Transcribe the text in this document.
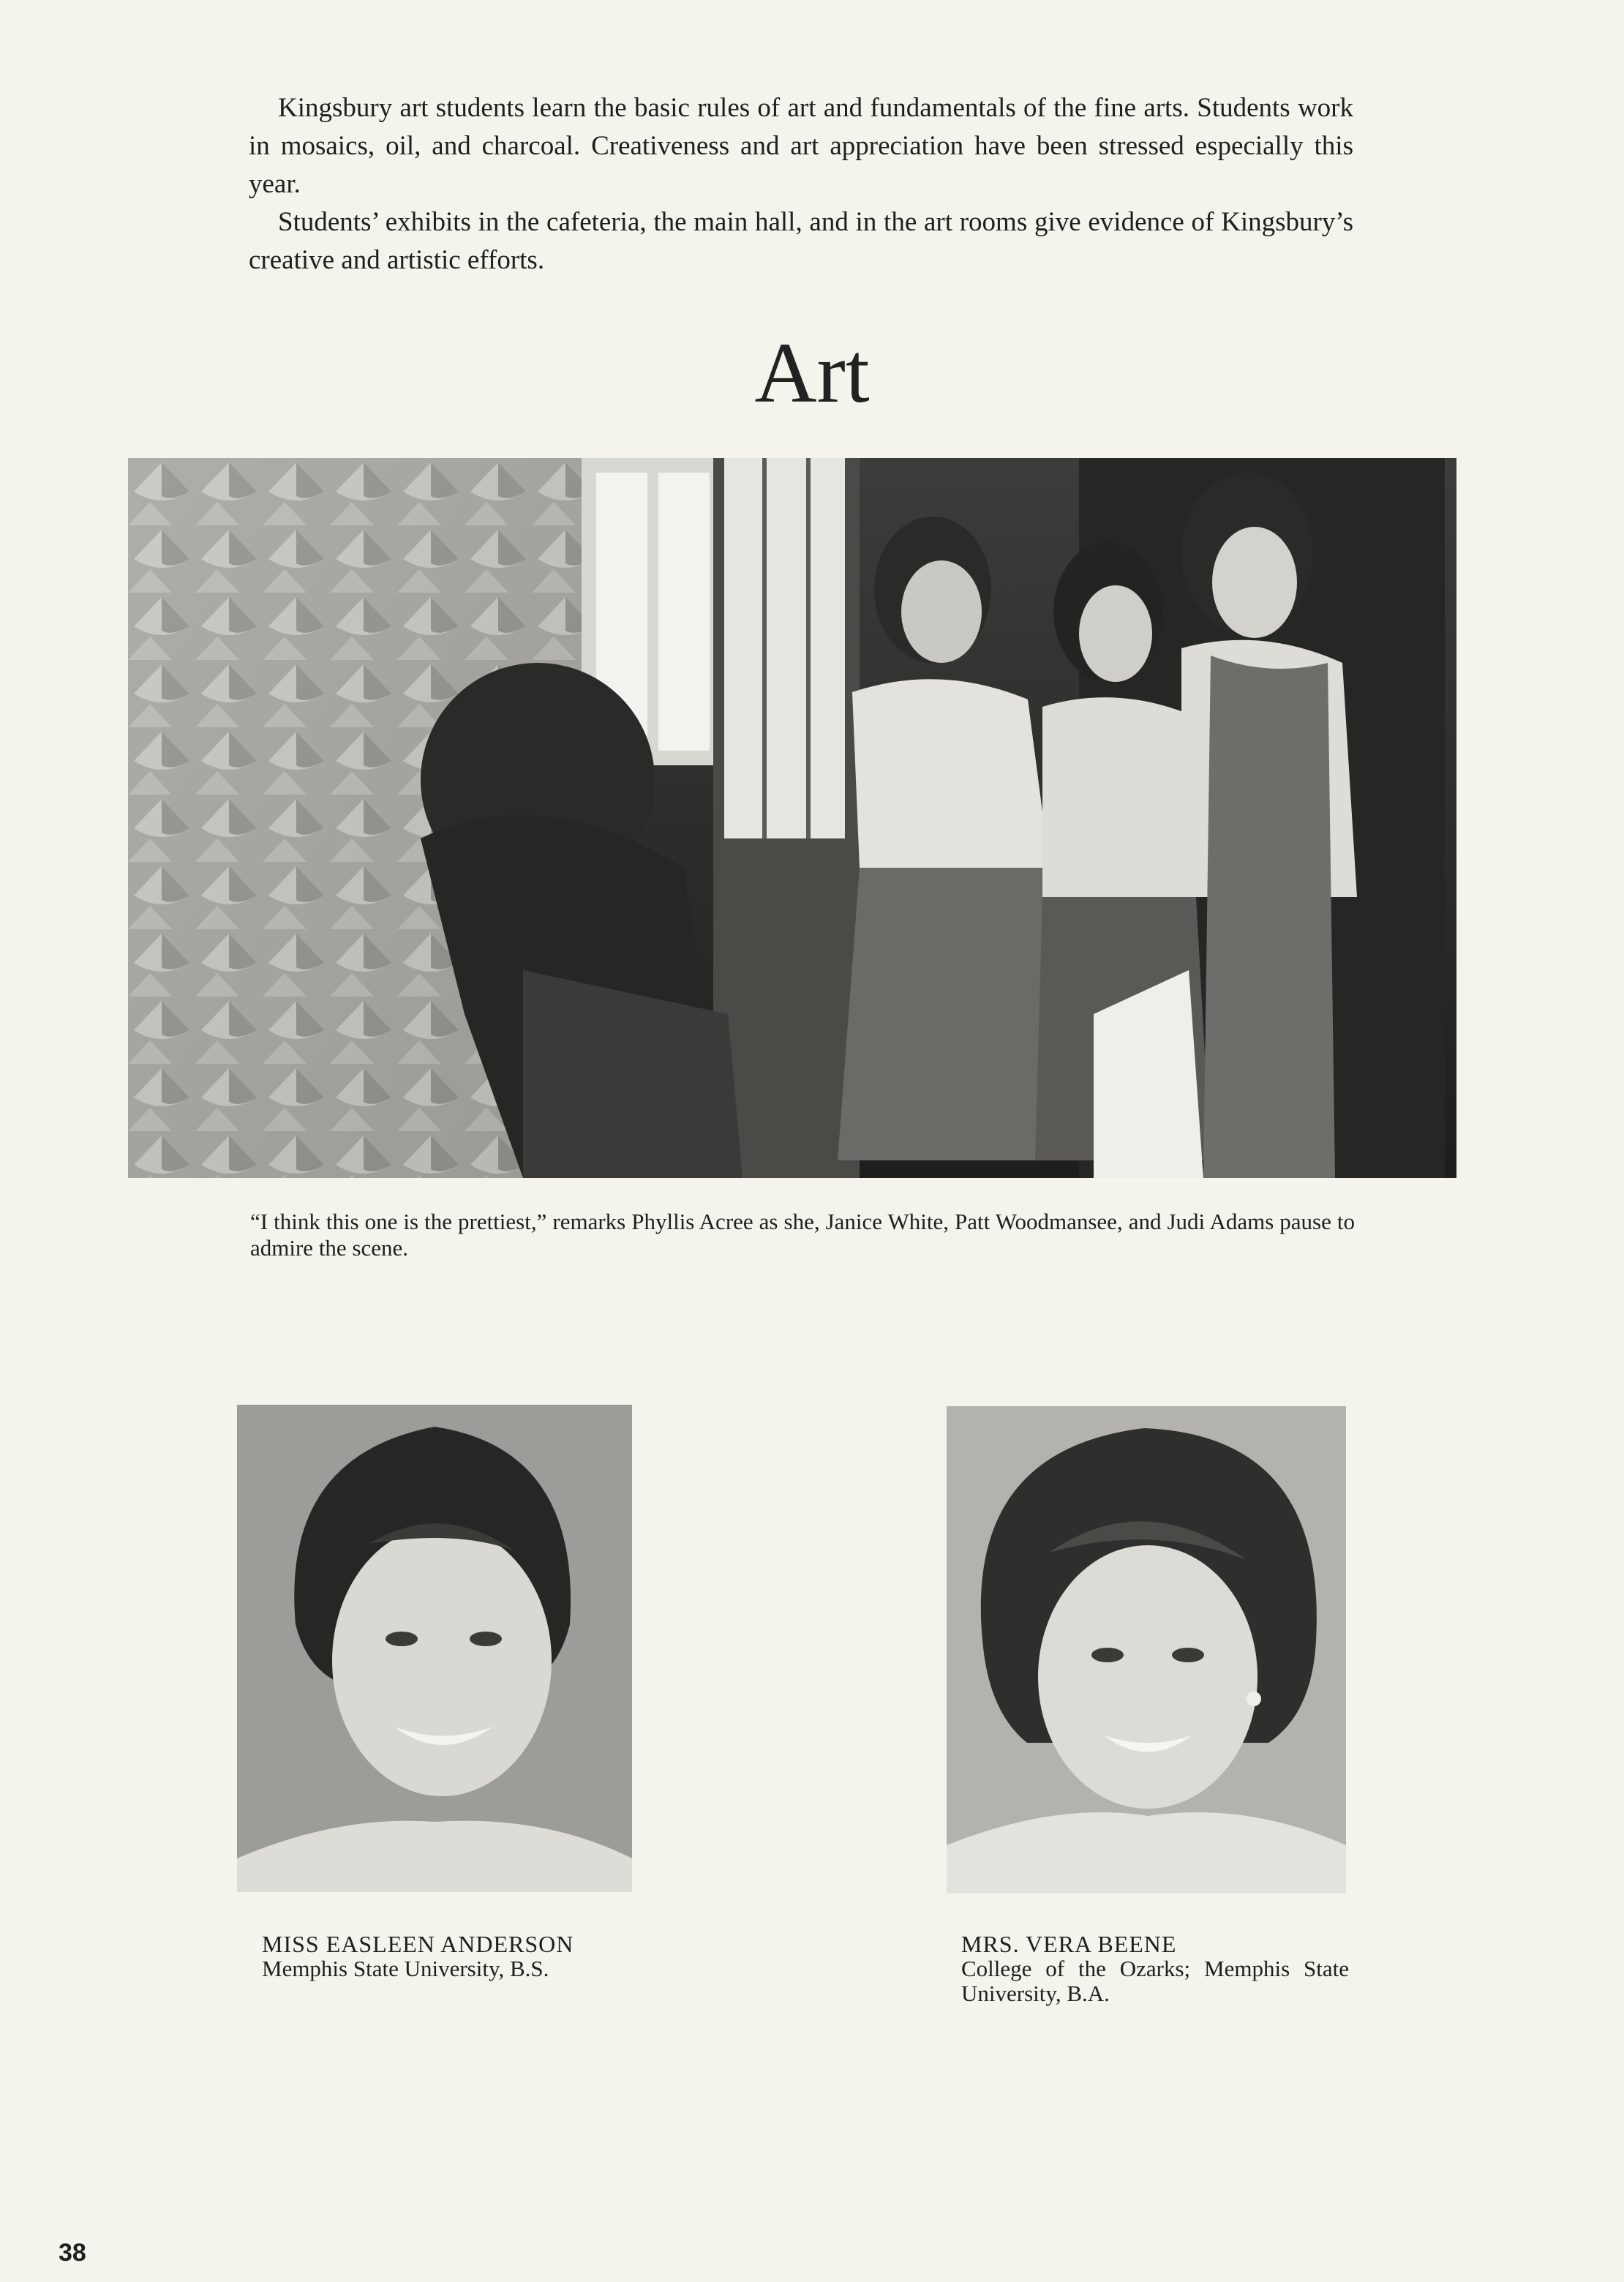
Kingsbury art students learn the basic rules of art and fundamentals of the fine arts. Students work in mosaics, oil, and charcoal. Creativeness and art appreciation have been stressed especially this year.

Students’ exhibits in the cafeteria, the main hall, and in the art rooms give evidence of Kingsbury’s creative and artistic efforts.

Art
“I think this one is the prettiest,” remarks Phyllis Acree as she, Janice White, Patt Woodmansee, and Judi Adams pause to admire the scene.
MISS EASLEEN ANDERSON
Memphis State University, B.S.
MRS. VERA BEENE
College of the Ozarks; Memphis State University, B.A.
38
